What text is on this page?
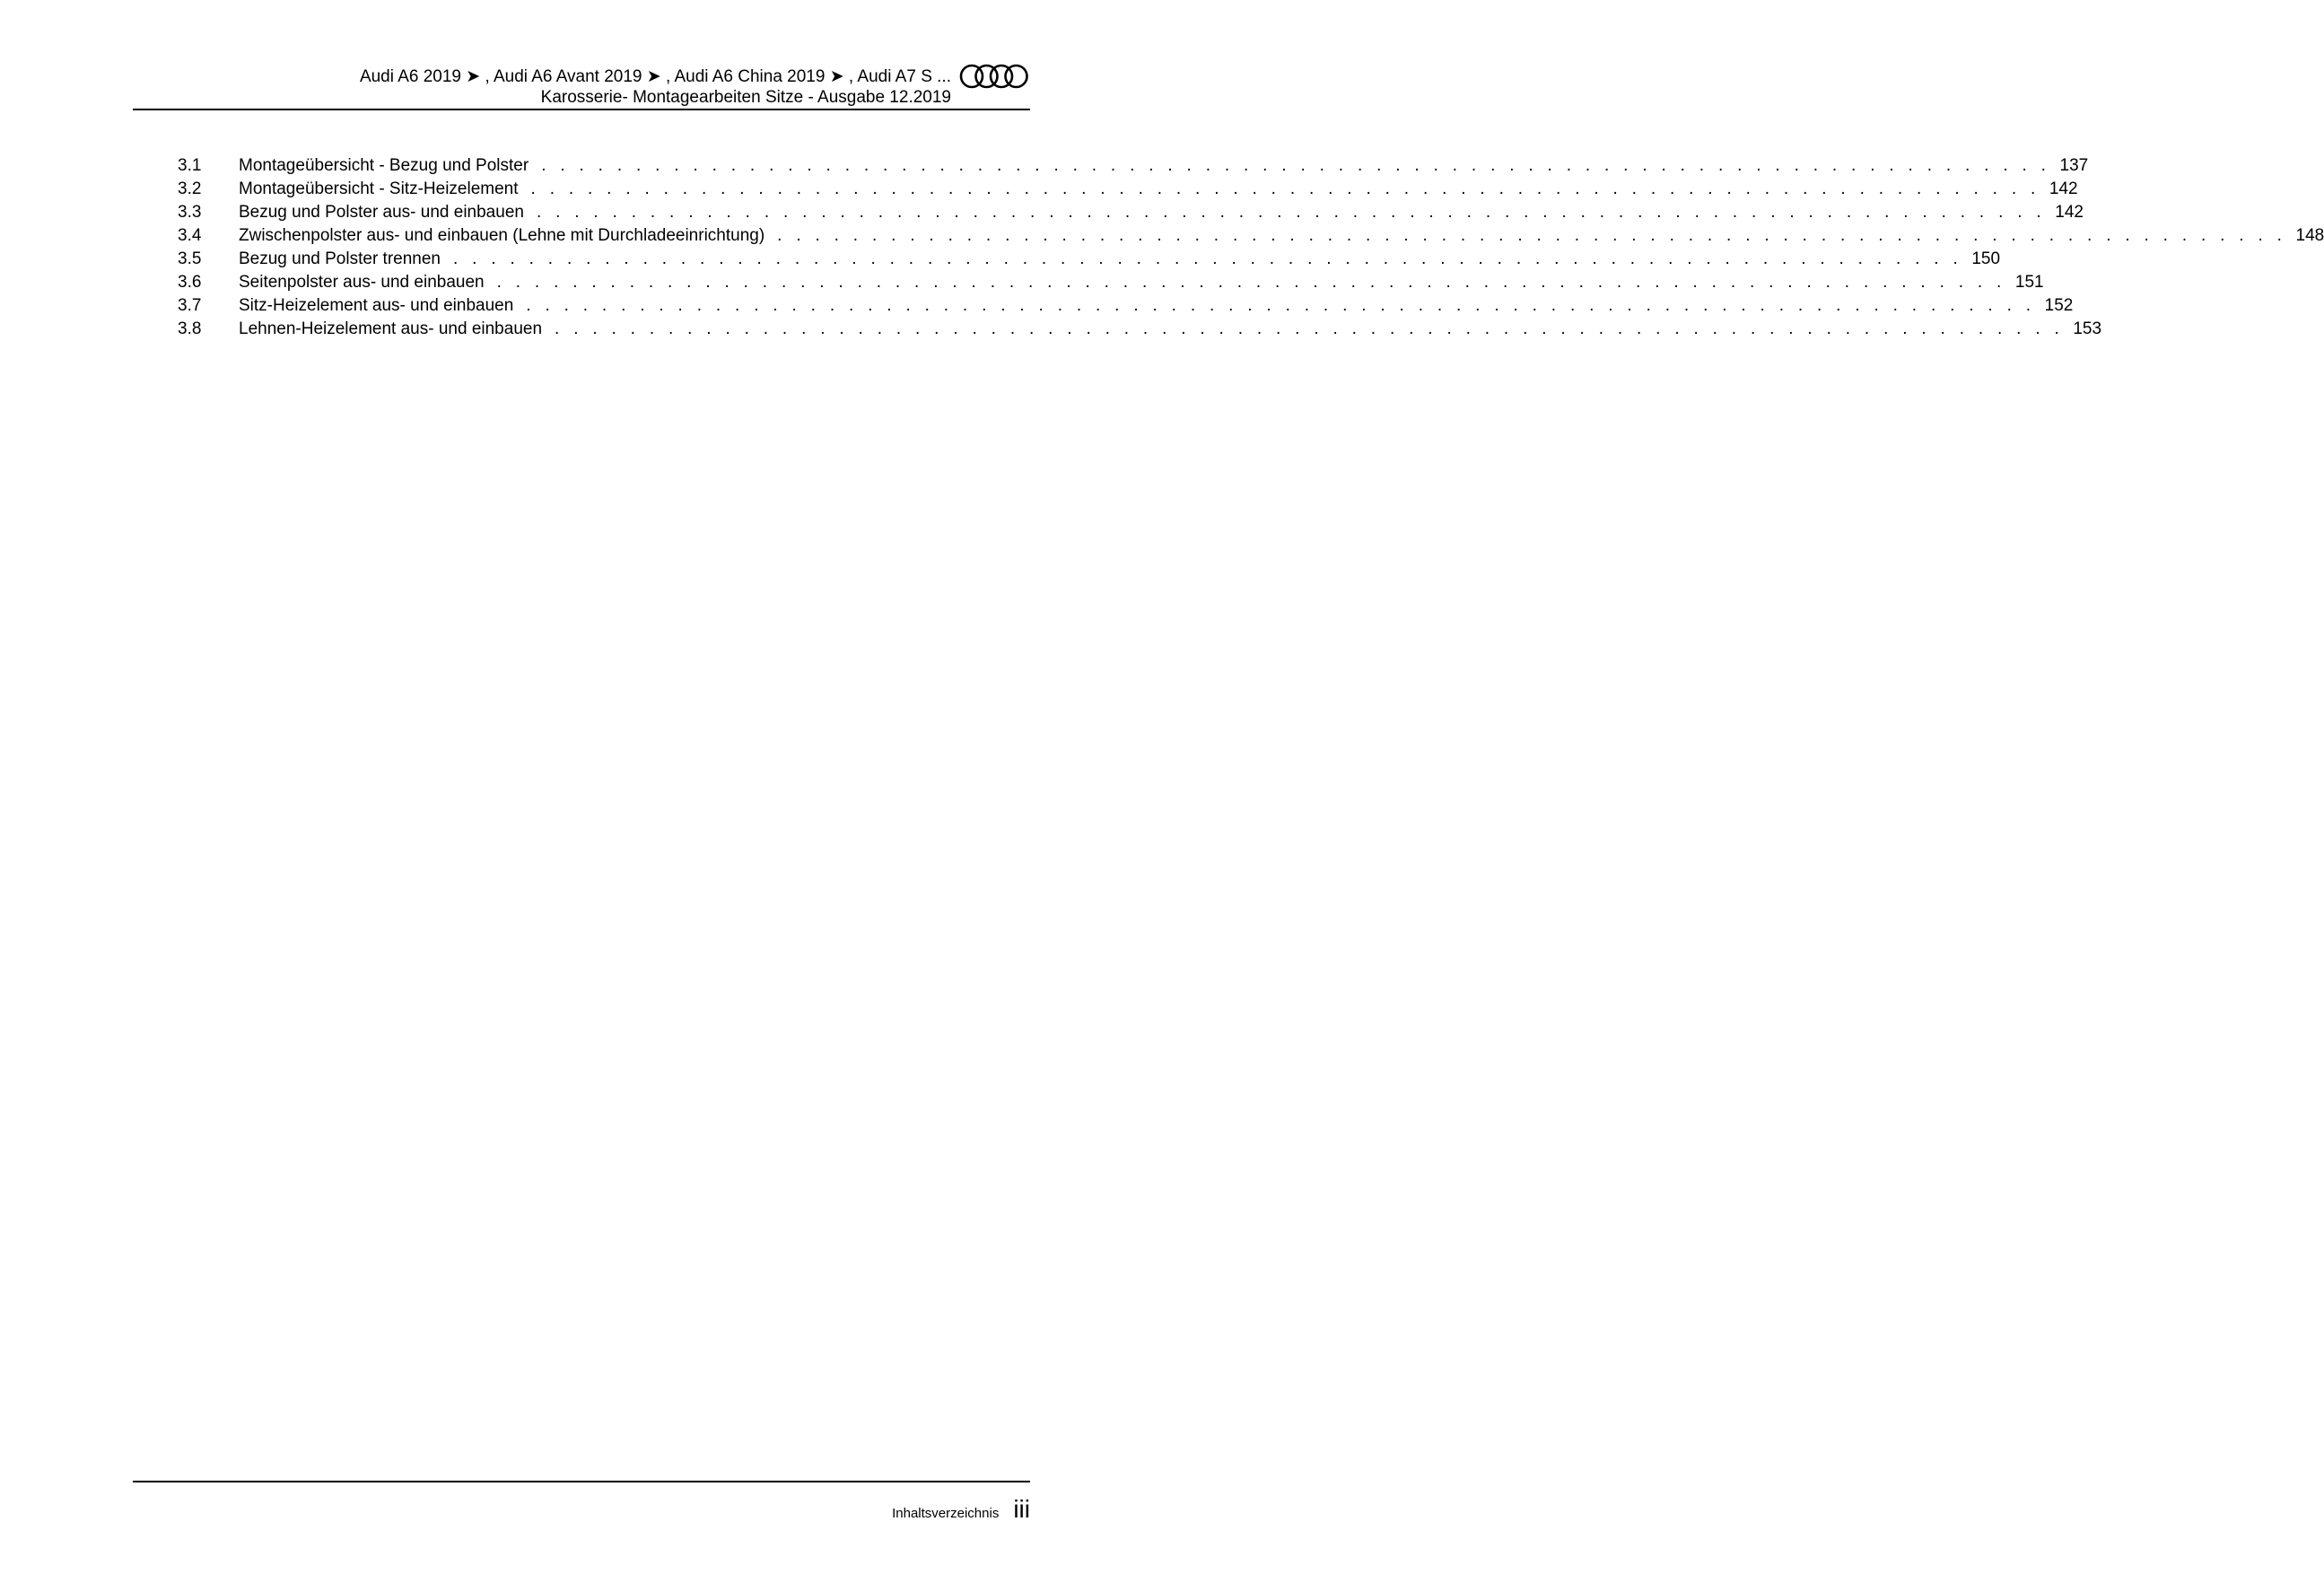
Audi A6 2019 ➤ , Audi A6 Avant 2019 ➤ , Audi A6 China 2019 ➤ , Audi A7 S ...
Karosserie- Montagearbeiten Sitze - Ausgabe 12.2019
3.1	Montageübersicht - Bezug und Polster . . . . . . . . . . . . . . . . . . . . . . . . . . . . . . . . . . . . . . . . . . . . . . . . . . . . . . . . . . . . . . . . . . . . . . . . . . . . . . . . 137
3.2	Montageübersicht - Sitz-Heizelement . . . . . . . . . . . . . . . . . . . . . . . . . . . . . . . . . . . . . . . . . . . . . . . . . . . . . . . . . . . . . . . . . . . . . . . . . . . . . . . . 142
3.3	Bezug und Polster aus- und einbauen . . . . . . . . . . . . . . . . . . . . . . . . . . . . . . . . . . . . . . . . . . . . . . . . . . . . . . . . . . . . . . . . . . . . . . . . . . . . . . . . 142
3.4	Zwischenpolster aus- und einbauen (Lehne mit Durchladeeinrichtung) . . . . . . . . . . . . . . . . . . . . . . . . . . . . . . . . . . . . . . . . . . . . . . . . . . . . . . . . . . . . . . . . . . . . . . . . . . . . . . . . 148
3.5	Bezug und Polster trennen . . . . . . . . . . . . . . . . . . . . . . . . . . . . . . . . . . . . . . . . . . . . . . . . . . . . . . . . . . . . . . . . . . . . . . . . . . . . . . . . 150
3.6	Seitenpolster aus- und einbauen . . . . . . . . . . . . . . . . . . . . . . . . . . . . . . . . . . . . . . . . . . . . . . . . . . . . . . . . . . . . . . . . . . . . . . . . . . . . . . . . 151
3.7	Sitz-Heizelement aus- und einbauen . . . . . . . . . . . . . . . . . . . . . . . . . . . . . . . . . . . . . . . . . . . . . . . . . . . . . . . . . . . . . . . . . . . . . . . . . . . . . . . . 152
3.8	Lehnen-Heizelement aus- und einbauen . . . . . . . . . . . . . . . . . . . . . . . . . . . . . . . . . . . . . . . . . . . . . . . . . . . . . . . . . . . . . . . . . . . . . . . . . . . . . . . . 153
Inhaltsverzeichnis iii
